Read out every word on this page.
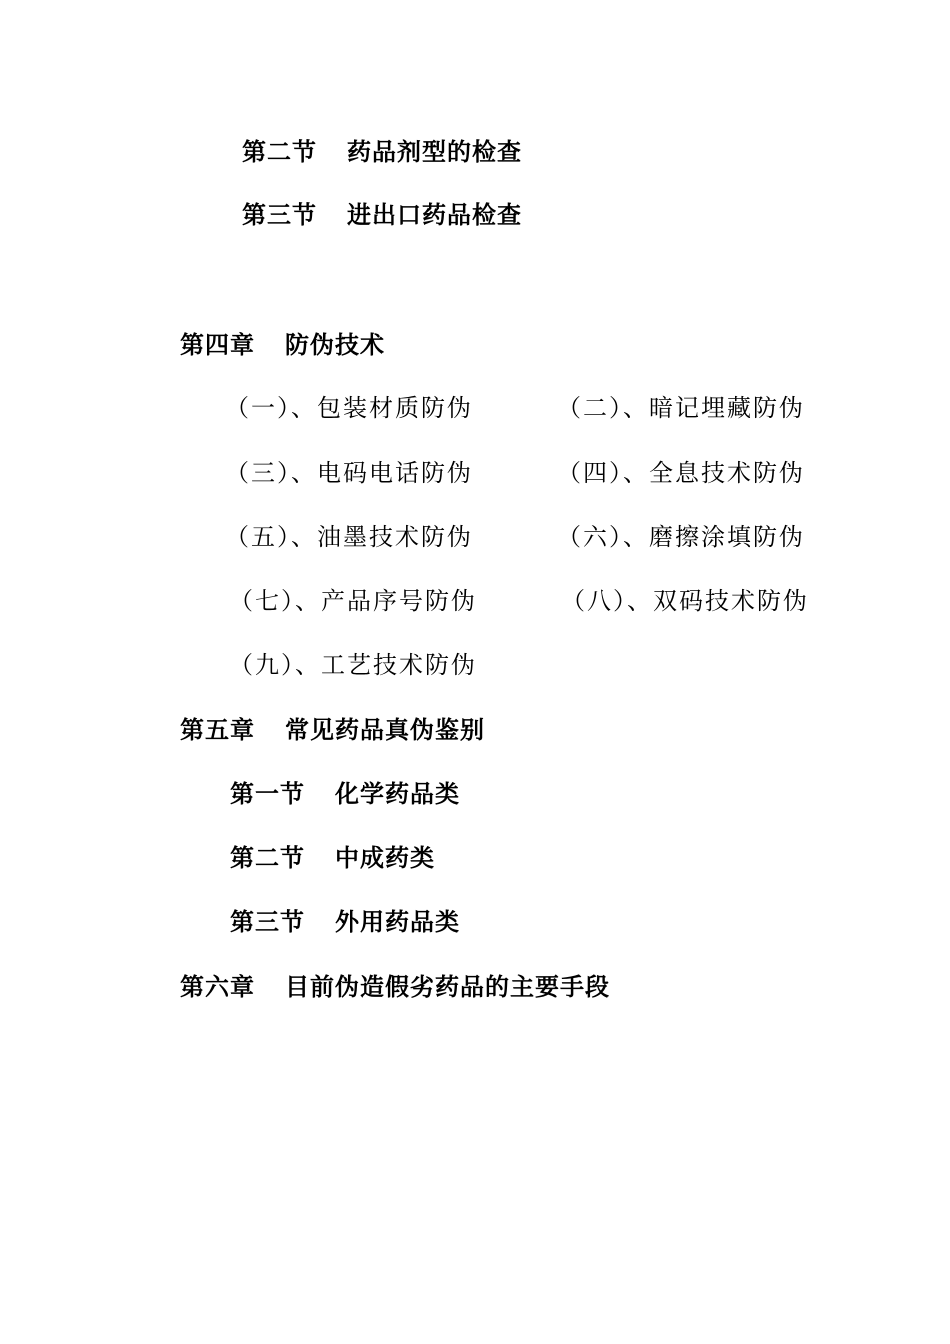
第二节 药品剂型的检查
第三节 进出口药品检查
第四章 防伪技术
（一）、包装材质防伪	（二）、暗记埋藏防伪
（三）、电码电话防伪	（四）、全息技术防伪
（五）、油墨技术防伪	（六）、磨擦涂填防伪
（七）、产品序号防伪	（八）、双码技术防伪
（九）、工艺技术防伪
第五章 常见药品真伪鉴别
第一节 化学药品类
第二节 中成药类
第三节 外用药品类
第六章 目前伪造假劣药品的主要手段
